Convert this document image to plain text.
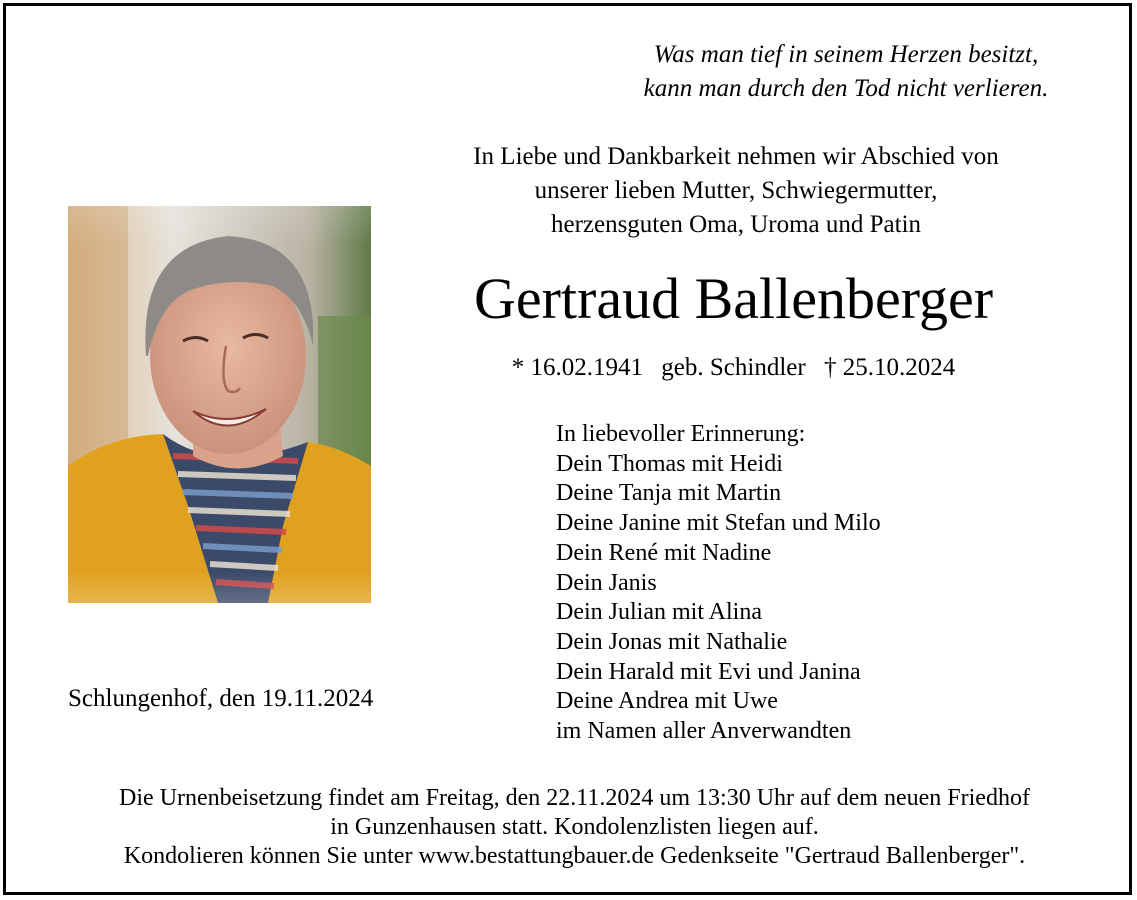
Was man tief in seinem Herzen besitzt,
kann man durch den Tod nicht verlieren.
In Liebe und Dankbarkeit nehmen wir Abschied von
unserer lieben Mutter, Schwiegermutter,
herzensguten Oma, Uroma und Patin
Gertraud Ballenberger
* 16.02.1941 geb. Schindler † 25.10.2024
Schlungenhof, den 19.11.2024
In liebevoller Erinnerung:
Dein Thomas mit Heidi
Deine Tanja mit Martin
Deine Janine mit Stefan und Milo
Dein René mit Nadine
Dein Janis
Dein Julian mit Alina
Dein Jonas mit Nathalie
Dein Harald mit Evi und Janina
Deine Andrea mit Uwe
im Namen aller Anverwandten
Die Urnenbeisetzung findet am Freitag, den 22.11.2024 um 13:30 Uhr auf dem neuen Friedhof
in Gunzenhausen statt. Kondolenzlisten liegen auf.
Kondolieren können Sie unter www.bestattungbauer.de Gedenkseite "Gertraud Ballenberger".
